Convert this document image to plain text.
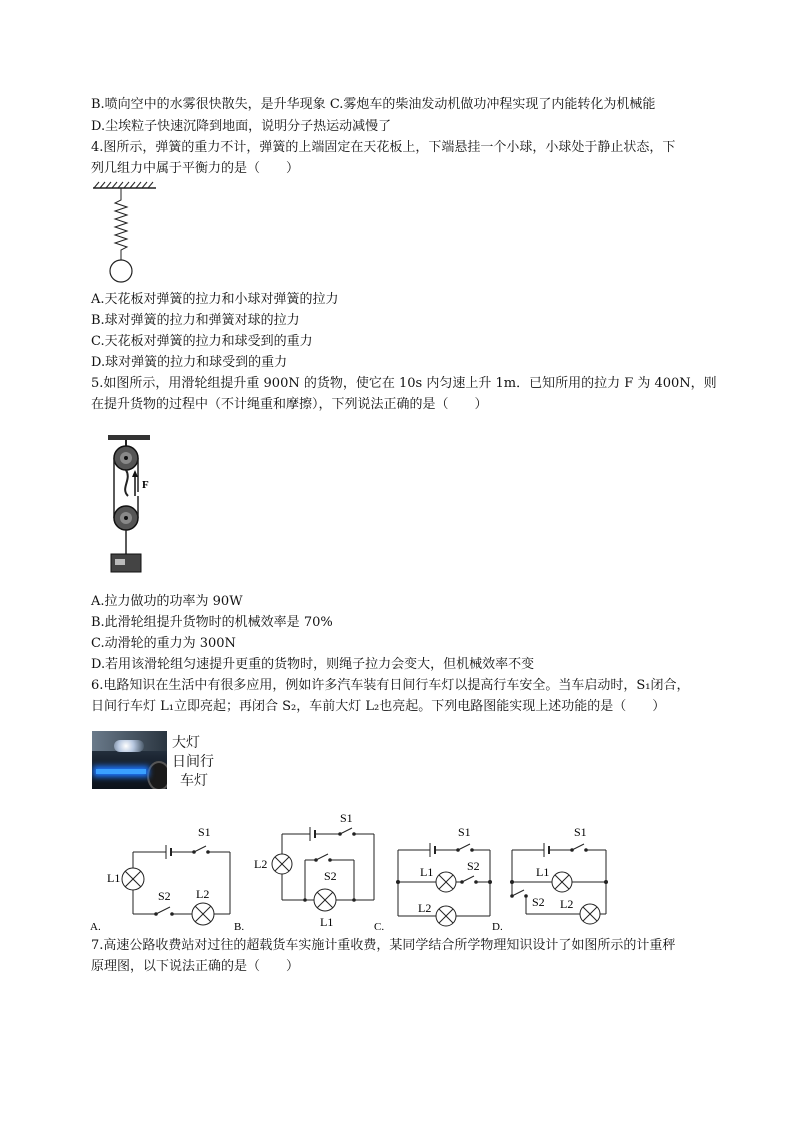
B.喷向空中的水雾很快散失，是升华现象 C.雾炮车的柴油发动机做功冲程实现了内能转化为机械能
D.尘埃粒子快速沉降到地面，说明分子热运动减慢了
4.图所示，弹簧的重力不计，弹簧的上端固定在天花板上，下端悬挂一个小球，小球处于静止状态，下
列几组力中属于平衡力的是（　　）
A.天花板对弹簧的拉力和小球对弹簧的拉力
B.球对弹簧的拉力和弹簧对球的拉力
C.天花板对弹簧的拉力和球受到的重力
D.球对弹簧的拉力和球受到的重力
5.如图所示，用滑轮组提升重 900N 的货物，使它在 10s 内匀速上升 1m．已知所用的拉力 F 为 400N，则
在提升货物的过程中（不计绳重和摩擦），下列说法正确的是（　　）
F
A.拉力做功的功率为 90W
B.此滑轮组提升货物时的机械效率是 70%
C.动滑轮的重力为 300N
D.若用该滑轮组匀速提升更重的货物时，则绳子拉力会变大，但机械效率不变
6.电路知识在生活中有很多应用，例如许多汽车装有日间行车灯以提高行车安全。当车启动时，S₁闭合，
日间行车灯 L₁立即亮起；再闭合 S₂，车前大灯 L₂也亮起。下列电路图能实现上述功能的是（　　）
大灯
日间行
车灯
S1
S2
L1
L2
A.
S1
S2
L2
L1
B.
S1
S2
L1
L2
C.
S1
S2
L1
L2
D.
7.高速公路收费站对过往的超载货车实施计重收费，某同学结合所学物理知识设计了如图所示的计重秤
原理图，以下说法正确的是（　　）
